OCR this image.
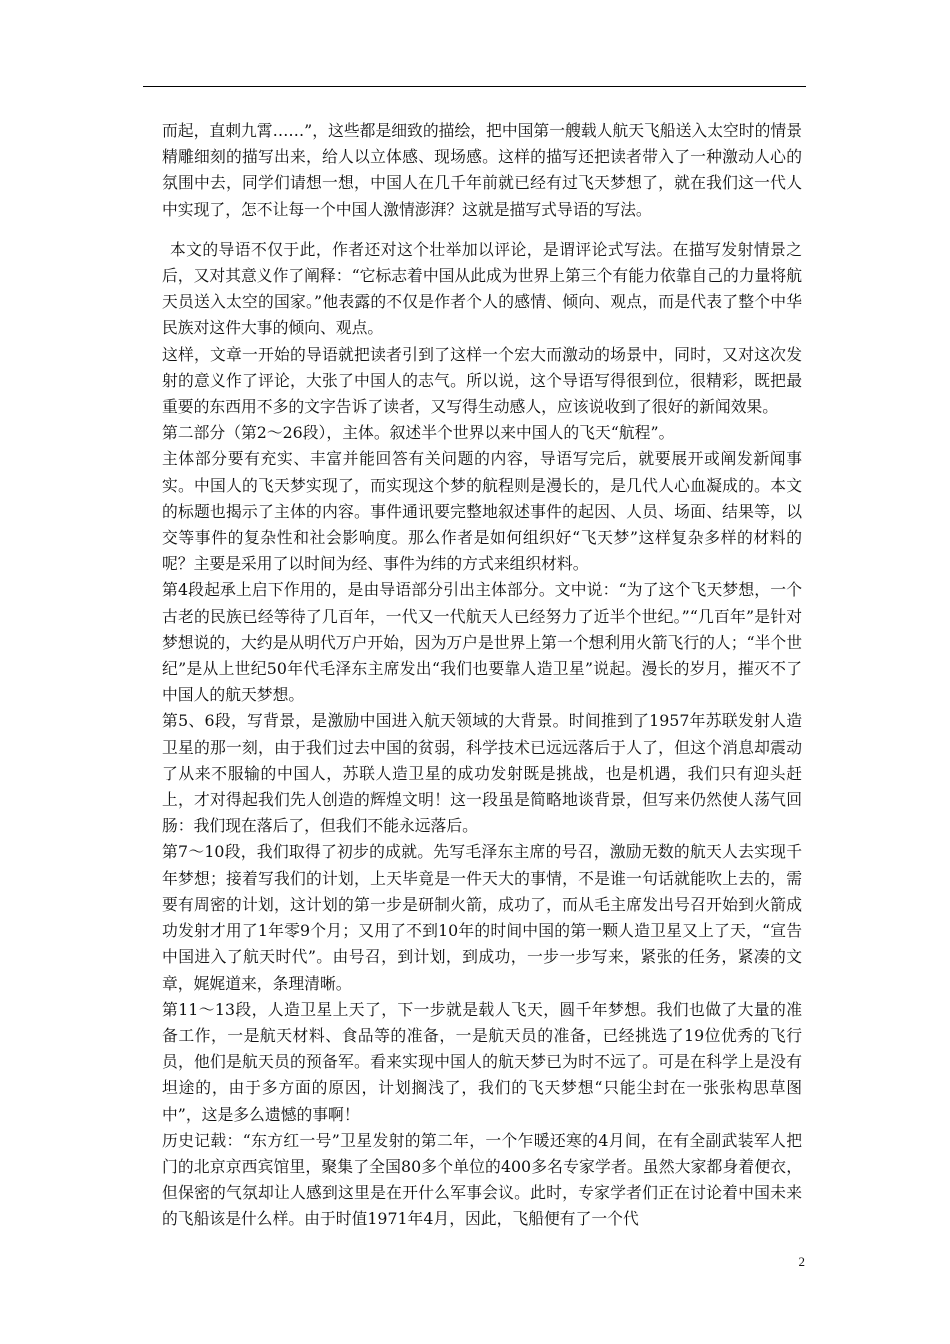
而起，直刺九霄……”，这些都是细致的描绘，把中国第一艘载人航天飞船送入太空时的情景精雕细刻的描写出来，给人以立体感、现场感。这样的描写还把读者带入了一种激动人心的氛围中去，同学们请想一想，中国人在几千年前就已经有过飞天梦想了，就在我们这一代人中实现了，怎不让每一个中国人激情澎湃？这就是描写式导语的写法。

本文的导语不仅于此，作者还对这个壮举加以评论，是谓评论式写法。在描写发射情景之后，又对其意义作了阐释：“它标志着中国从此成为世界上第三个有能力依靠自己的力量将航天员送入太空的国家。”他表露的不仅是作者个人的感情、倾向、观点，而是代表了整个中华民族对这件大事的倾向、观点。

这样，文章一开始的导语就把读者引到了这样一个宏大而激动的场景中，同时，又对这次发射的意义作了评论，大张了中国人的志气。所以说，这个导语写得很到位，很精彩，既把最重要的东西用不多的文字告诉了读者，又写得生动感人，应该说收到了很好的新闻效果。

第二部分（第2～26段），主体。叙述半个世界以来中国人的飞天“航程”。

主体部分要有充实、丰富并能回答有关问题的内容，导语写完后，就要展开或阐发新闻事实。中国人的飞天梦实现了，而实现这个梦的航程则是漫长的，是几代人心血凝成的。本文的标题也揭示了主体的内容。事件通讯要完整地叙述事件的起因、人员、场面、结果等，以交等事件的复杂性和社会影响度。那么作者是如何组织好“飞天梦”这样复杂多样的材料的呢？主要是采用了以时间为经、事件为纬的方式来组织材料。

第4段起承上启下作用的，是由导语部分引出主体部分。文中说：“为了这个飞天梦想，一个古老的民族已经等待了几百年，一代又一代航天人已经努力了近半个世纪。”“几百年”是针对梦想说的，大约是从明代万户开始，因为万户是世界上第一个想利用火箭飞行的人；“半个世纪”是从上世纪50年代毛泽东主席发出“我们也要靠人造卫星”说起。漫长的岁月，摧灭不了中国人的航天梦想。

第5、6段，写背景，是激励中国进入航天领域的大背景。时间推到了1957年苏联发射人造卫星的那一刻，由于我们过去中国的贫弱，科学技术已远远落后于人了，但这个消息却震动了从来不服输的中国人，苏联人造卫星的成功发射既是挑战，也是机遇，我们只有迎头赶上，才对得起我们先人创造的辉煌文明！这一段虽是简略地谈背景，但写来仍然使人荡气回肠：我们现在落后了，但我们不能永远落后。

第7～10段，我们取得了初步的成就。先写毛泽东主席的号召，激励无数的航天人去实现千年梦想；接着写我们的计划，上天毕竟是一件天大的事情，不是谁一句话就能吹上去的，需要有周密的计划，这计划的第一步是研制火箭，成功了，而从毛主席发出号召开始到火箭成功发射才用了1年零9个月；又用了不到10年的时间中国的第一颗人造卫星又上了天，“宣告中国进入了航天时代”。由号召，到计划，到成功，一步一步写来，紧张的任务，紧凑的文章，娓娓道来，条理清晰。

第11～13段，人造卫星上天了，下一步就是载人飞天，圆千年梦想。我们也做了大量的准备工作，一是航天材料、食品等的准备，一是航天员的准备，已经挑选了19位优秀的飞行员，他们是航天员的预备军。看来实现中国人的航天梦已为时不远了。可是在科学上是没有坦途的，由于多方面的原因，计划搁浅了，我们的飞天梦想“只能尘封在一张张构思草图中”，这是多么遗憾的事啊！

历史记载：“东方红一号”卫星发射的第二年，一个乍暖还寒的4月间，在有全副武装军人把门的北京京西宾馆里，聚集了全国80多个单位的400多名专家学者。虽然大家都身着便衣，但保密的气氛却让人感到这里是在开什么军事会议。此时，专家学者们正在讨论着中国未来的飞船该是什么样。由于时值1971年4月，因此，飞船便有了一个代

2
